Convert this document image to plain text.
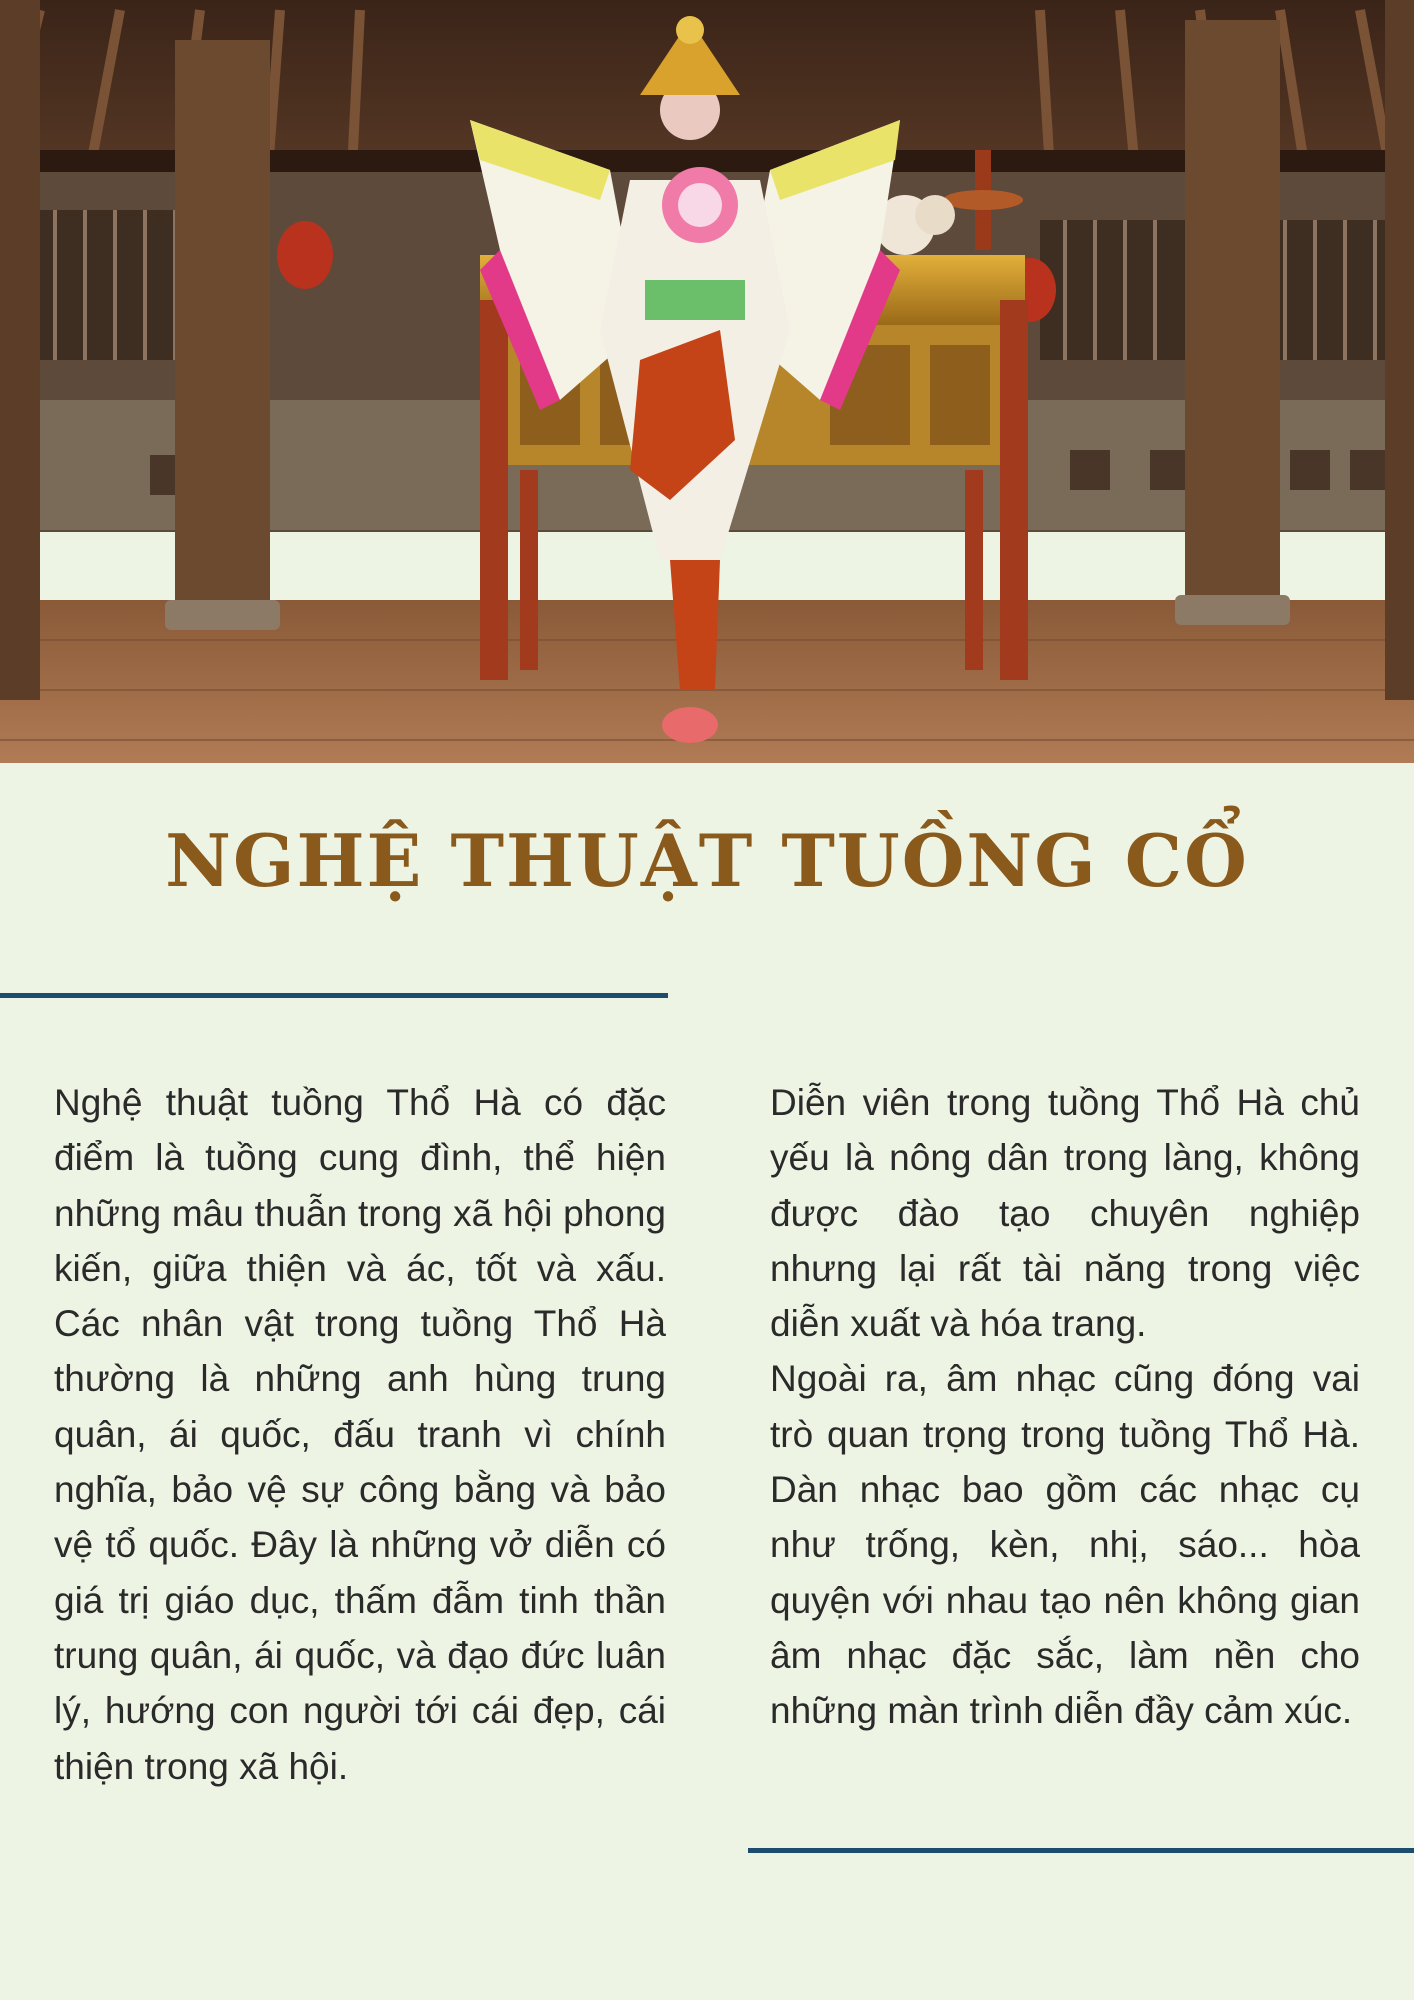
NGHỆ THUẬT TUỒNG CỔ

Nghệ thuật tuồng Thổ Hà có đặc điểm là tuồng cung đình, thể hiện những mâu thuẫn trong xã hội phong kiến, giữa thiện và ác, tốt và xấu. Các nhân vật trong tuồng Thổ Hà thường là những anh hùng trung quân, ái quốc, đấu tranh vì chính nghĩa, bảo vệ sự công bằng và bảo vệ tổ quốc. Đây là những vở diễn có giá trị giáo dục, thấm đẫm tinh thần trung quân, ái quốc, và đạo đức luân lý, hướng con người tới cái đẹp, cái thiện trong xã hội.

Diễn viên trong tuồng Thổ Hà chủ yếu là nông dân trong làng, không được đào tạo chuyên nghiệp nhưng lại rất tài năng trong việc diễn xuất và hóa trang.

Ngoài ra, âm nhạc cũng đóng vai trò quan trọng trong tuồng Thổ Hà. Dàn nhạc bao gồm các nhạc cụ như trống, kèn, nhị, sáo... hòa quyện với nhau tạo nên không gian âm nhạc đặc sắc, làm nền cho những màn trình diễn đầy cảm xúc.
